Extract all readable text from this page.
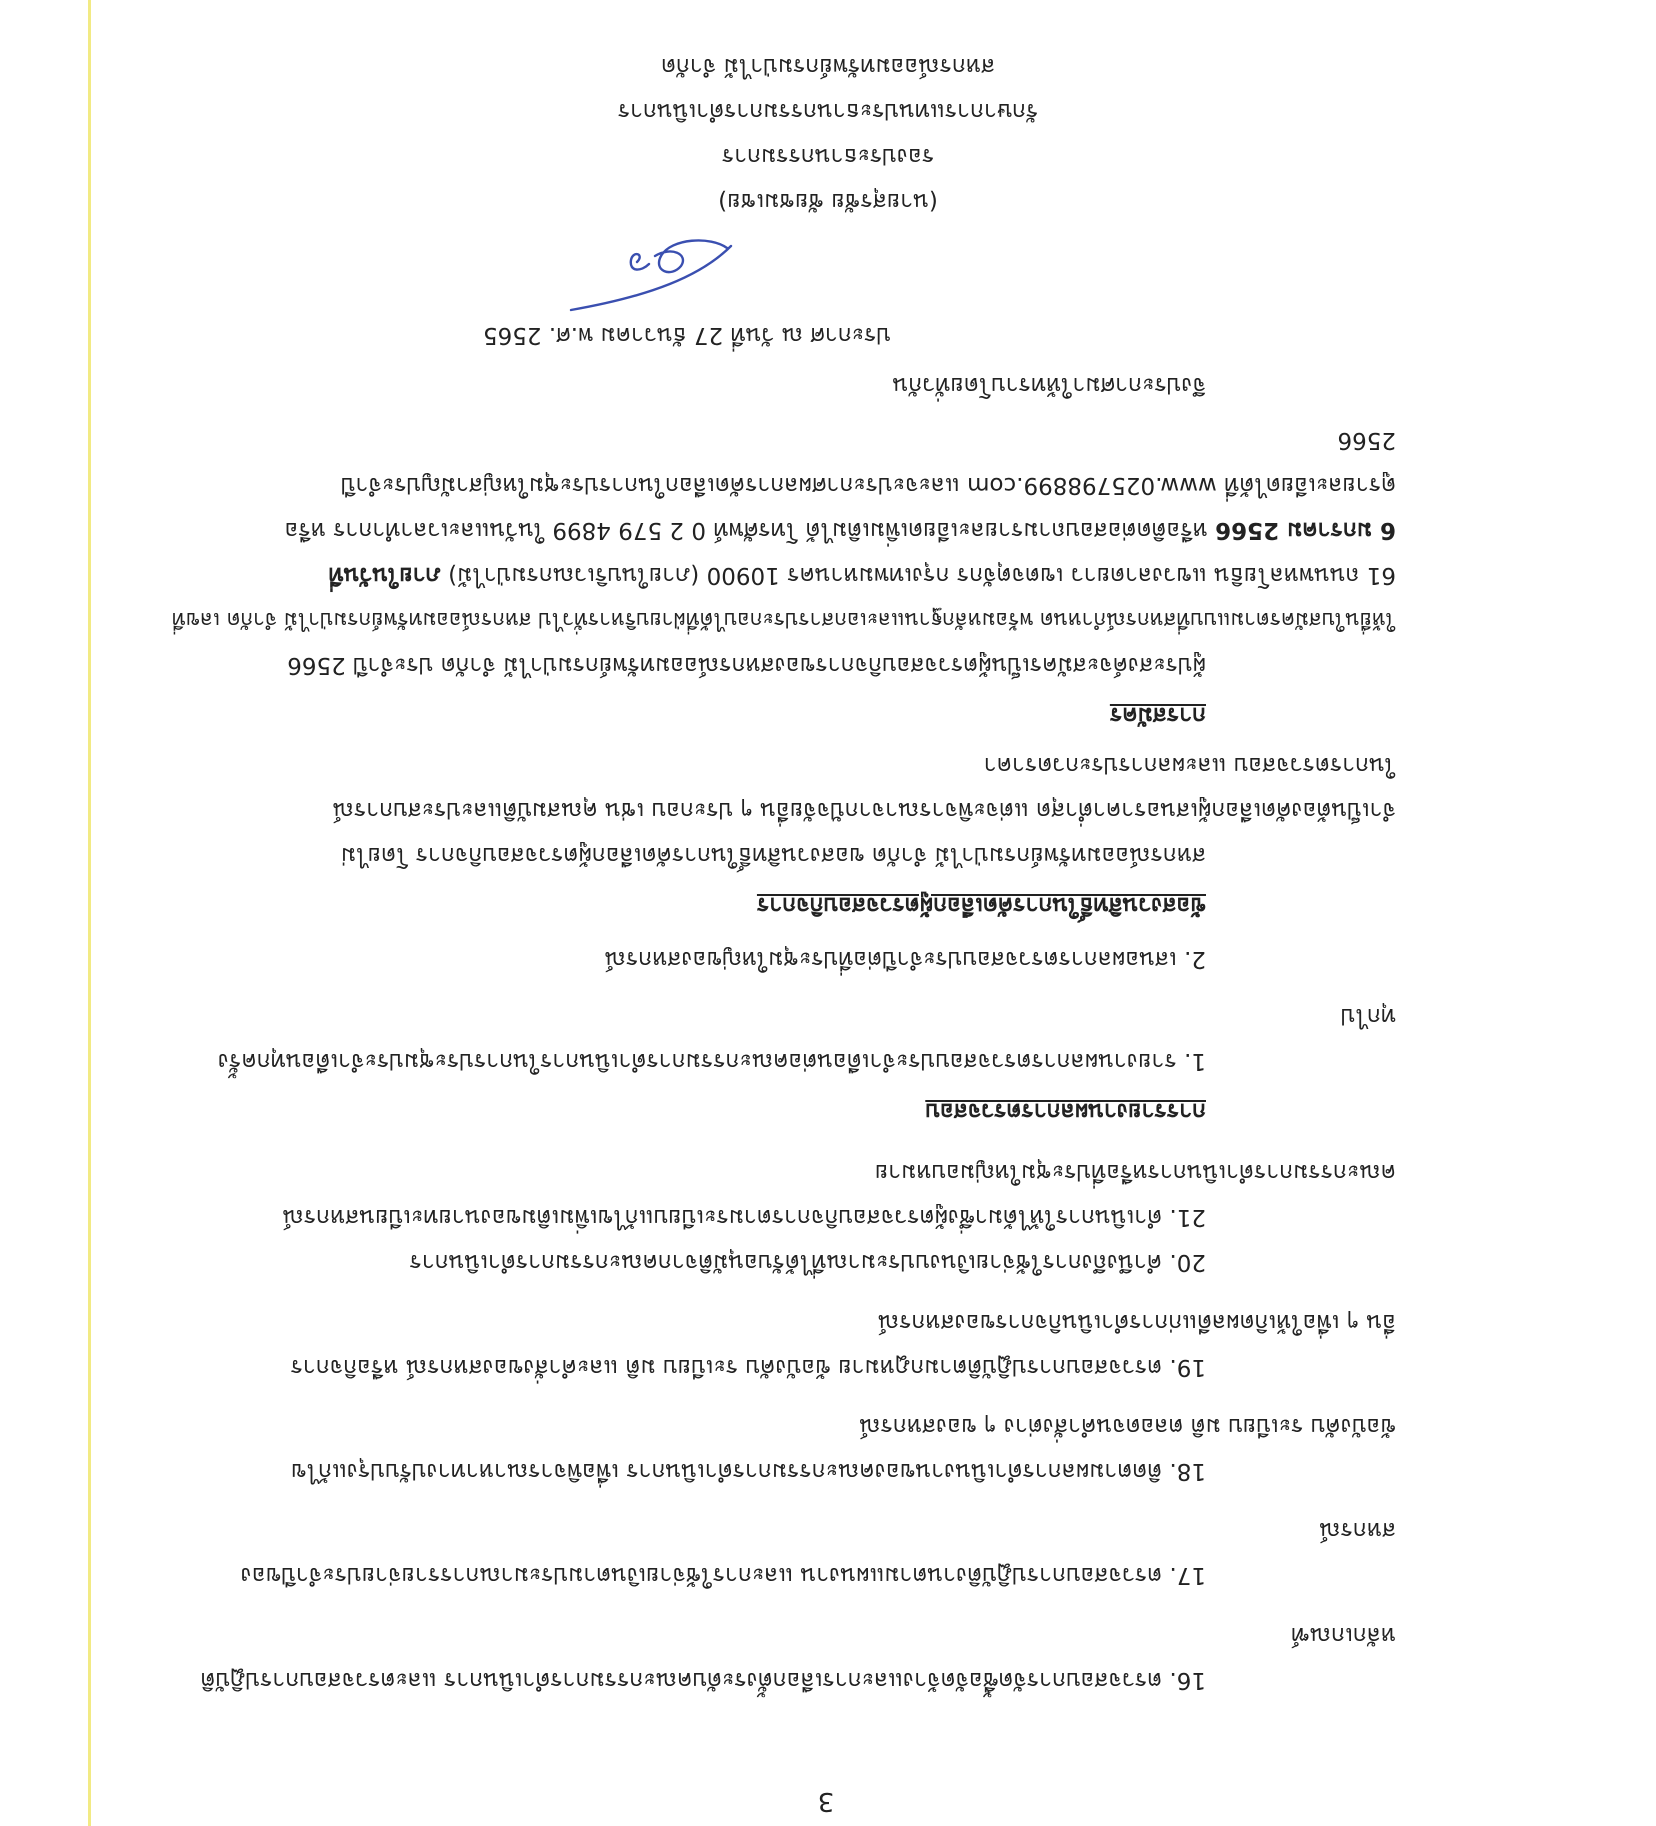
3
16. ตรวจสอบการจัดซื้อจัดจ้างและการเลือกตั้งระดับคณะกรรมการดำเนินการ และตรวจสอบการปฏิบัติ
หลักเกณฑ์
17. ตรวจสอบการปฏิบัติงานตามแผนงาน และการใช้จ่ายเงินตามประมาณการรายจ่ายประจำปีของ
สหกรณ์
18. ติดตามผลการดำเนินงานของคณะกรรมการดำเนินการ เพื่อพิจารณาหาทางปรับปรุงแก้ไข
ข้อบังคับ ระเบียบ มติ ตลอดจนคำสั่งต่าง ๆ ของสหกรณ์
19. ตรวจสอบการปฏิบัติตามกฎหมาย ข้อบังคับ ระเบียบ มติ และคำสั่งของสหกรณ์ หรือกิจการ
อื่น ๆ เพื่อให้เกิดผลดีแก่การดำเนินกิจการของสหกรณ์
20. คำนึงถึงการใช้จ่ายเงินงบประมาณที่ได้รับอนุมัติจากคณะกรรมการดำเนินการ
21. ดำเนินการให้ได้มาซึ่งผู้ตรวจสอบกิจการตามระเบียบแก้ไขเพิ่มเติมของนายทะเบียนสหกรณ์
คณะกรรมการดำเนินการหรือที่ประชุมใหญ่มอบหมาย
การรายงานผลการตรวจสอบ
1. รายงานผลการตรวจสอบประจำเดือนต่อคณะกรรมการดำเนินการในการประชุมประจำเดือนทุกครั้ง
ทุกไป
2. เสนอผลการตรวจสอบประจำปีต่อที่ประชุมใหญ่ของสหกรณ์
ข้อสงวนสิทธิ์ในการคัดเลือกผู้ตรวจสอบกิจการ
สหกรณ์ออมทรัพย์กรมป่าไม้ จำกัด ขอสงวนสิทธิ์ในการคัดเลือกผู้ตรวจสอบกิจการ โดยไม่
จำเป็นต้องคัดเลือกผู้เสนอราคาต่ำสุด แต่จะพิจารณาจากปัจจัยอื่น ๆ ประกอบ เช่น คุณสมบัติและประสบการณ์
ในการตรวจสอบ และผลการประกวดราคา
การสมัคร
ผู้ประสงค์จะสมัครเป็นผู้ตรวจสอบกิจการของสหกรณ์ออมทรัพย์กรมป่าไม้ จำกัด ประจำปี 2566
ให้ยื่นใบสมัครตามแบบที่สหกรณ์กำหนด พร้อมหลักฐานและเอกสารประกอบได้ที่ฝ่ายบริหารทั่วไป สหกรณ์ออมทรัพย์กรมป่าไม้ จำกัด เลขที่
61 ถนนพหลโยธิน แขวงลาดยาว เขตจตุจักร กรุงเทพมหานคร 10900 (ภายในบริเวณกรมป่าไม้) ภายในวันที่
6 มกราคม 2566 หรือติดต่อสอบถามรายละเอียดเพิ่มเติมได้ โทรศัพท์ 0 2 579 4899 ในวันและเวลาทำการ หรือ
ดูรายละเอียดได้ที่ www.025798899.com และจะประกาศผลการคัดเลือกในการประชุมใหญ่สามัญประจำปี
2566
จึงประกาศมาให้ทราบโดยทั่วกัน
ประกาศ ณ วันที่ 27 ธันวาคม พ.ศ. 2565
(นายสุรชัย ชัยชมเชย)
รองประธานกรรมการ
รักษาการแทนประธานกรรมการดำเนินการ
สหกรณ์ออมทรัพย์กรมป่าไม้ จำกัด
